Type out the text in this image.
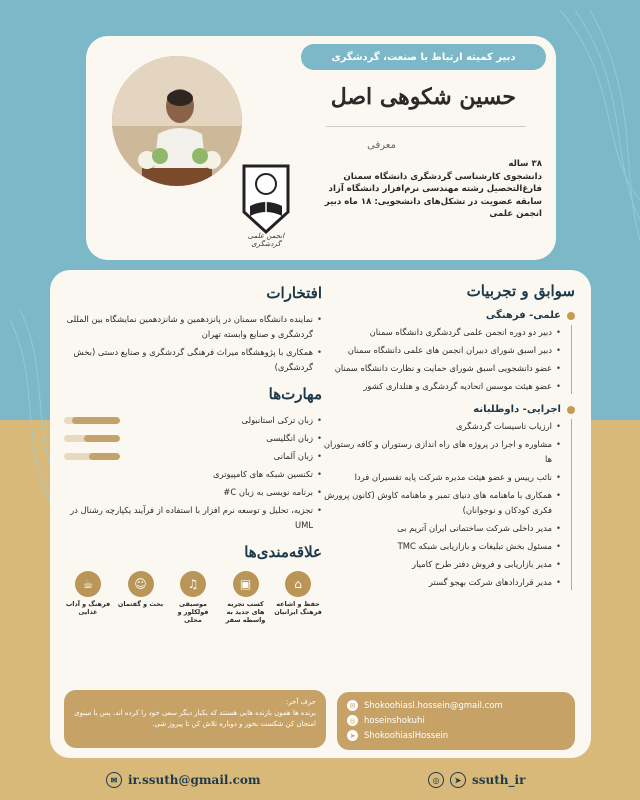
دبیر کمیته ارتباط با صنعت، گردشگری
حسین شکوهی اصل
معرفی
۳۸ ساله
دانشجوی کارشناسی گردشگری دانشگاه سمنان
فارغ‌التحصیل رشته مهندسی نرم‌افزار دانشگاه آزاد
سابقه عضویت در تشکل‌های دانشجویی: ۱۸ ماه دبیر انجمن علمی
انجمن علمی گردشگری
سوابق و تجربیات
علمی- فرهنگی
• دبیر دو دوره انجمن علمی گردشگری دانشگاه سمنان
• دبیر اسبق شورای دبیران انجمن های علمی دانشگاه سمنان
• عضو دانشجویی اسبق شورای حمایت و نظارت دانشگاه سمنان
• عضو هیئت موسس اتحادیه گردشگری و هتلداری کشور
اجرایی- داوطلبانه
• ارزیاب تاسیسات گردشگری
• مشاوره و اجرا در پروژه های راه اندازی رستوران و کافه رستوران ها
• نائب رییس و عضو هیئت مدیره شرکت پایه تفسیران فردا
• همکاری با ماهنامه های دنیای تمبر و ماهنامه کاوش (کانون پرورش فکری کودکان و نوجوانان)
• مدیر داخلی شرکت ساختمانی ایران آتریم بی
• مسئول بخش تبلیغات و بازاریابی شبکه TMC
• مدیر بازاریابی و فروش دفتر طرح کامیار
• مدیر قراردادهای شرکت بهجو گستر
افتخارات
• نماینده دانشگاه سمنان در پانزدهمین و شانزدهمین نمایشگاه بین المللی گردشگری و صنایع وابسته تهران
• همکاری با پژوهشگاه میراث فرهنگی گردشگری و صنایع دستی (بخش گردشگری)
مهارت‌ها
• زبان ترکی استانبولی
• زبان انگلیسی
• زبان آلمانی
• تکنسین شبکه های کامپیوتری
• برنامه نویسی به زبان C#
• تجزیه، تحلیل و توسعه نرم افزار با استفاده از فرآیند یکپارچه رشنال در UML
علاقه‌مندی‌ها
⌂
حفظ و اشاعه فرهنگ ایرانیان
▣
کسب تجربه های جدید به واسطه سفر
♫
موسیقی فولکلور و محلی
☺
بحث و گفتمان
☕
فرهنگ و آداب غذایی
حرف آخر:
برنده ها همون بازنده هایی هستند که یکبار دیگر سعی خود را کرده اند، پس با مینوی امتحان کن شکست بخور و دوباره تلاش کن تا پیروز شی.
✉	Shokoohiasl.hossein@gmail.com
◎ hoseinshokuhi
➤	ShokoohiaslHossein
✉ ir.ssuth@gmail.com	◎	➤ ssuth_ir
